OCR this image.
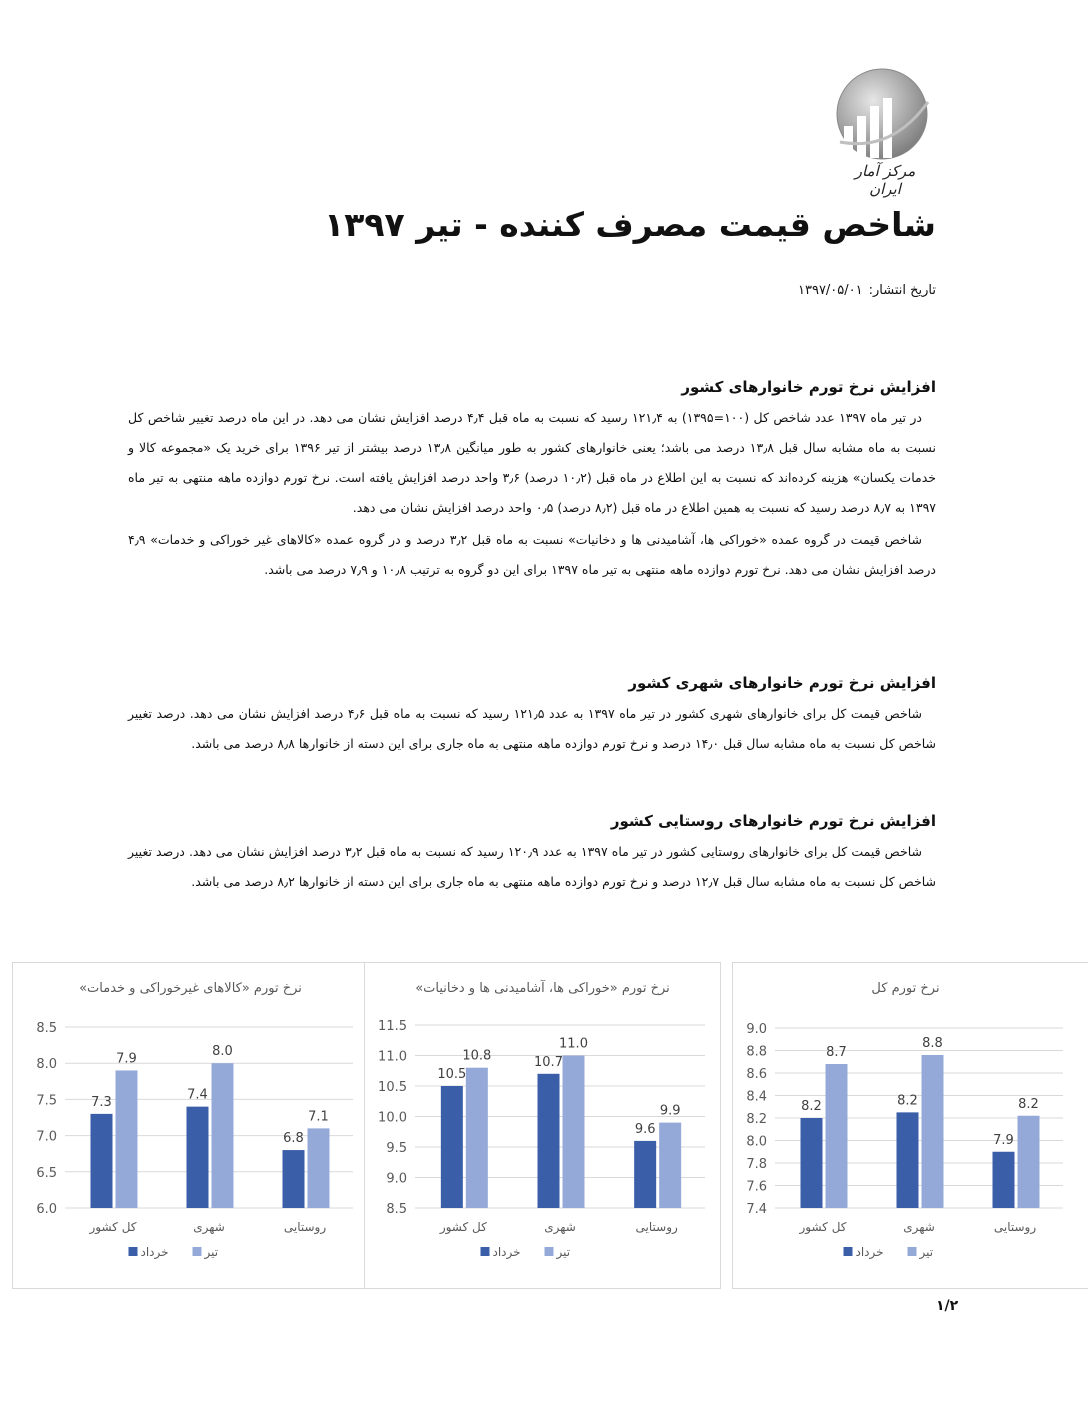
مرکز آمار ایران
شاخص قیمت مصرف کننده - تیر ۱۳۹۷
تاریخ انتشار:۱۳۹۷/۰۵/۰۱
افزایش نرخ تورم خانوارهای کشور

در تیر ماه ۱۳۹۷ عدد شاخص کل (۱۰۰=۱۳۹۵) به ۱۲۱٫۴ رسید که نسبت به ماه قبل ۴٫۴ درصد افزایش نشان می دهد. در این ماه درصد تغییر شاخص کل نسبت به ماه مشابه سال قبل ۱۳٫۸ درصد می باشد؛ یعنی خانوارهای کشور به طور میانگین ۱۳٫۸ درصد بیشتر از تیر ۱۳۹۶ برای خرید یک «مجموعه کالا و خدمات یکسان» هزینه کرده‌اند که نسبت به این اطلاع در ماه قبل (۱۰٫۲ درصد) ۳٫۶ واحد درصد افزایش یافته است. نرخ تورم دوازده ماهه منتهی به تیر ماه ۱۳۹۷ به ۸٫۷ درصد رسید که نسبت به همین اطلاع در ماه قبل (۸٫۲ درصد) ۰٫۵ واحد درصد افزایش نشان می دهد.

شاخص قیمت در گروه عمده «خوراکی ها، آشامیدنی ها و دخانیات» نسبت به ماه قبل ۳٫۲ درصد و در گروه عمده «کالاهای غیر خوراکی و خدمات» ۴٫۹ درصد افزایش نشان می دهد. نرخ تورم دوازده ماهه منتهی به تیر ماه ۱۳۹۷ برای این دو گروه به ترتیب ۱۰٫۸ و ۷٫۹ درصد می باشد.

افزایش نرخ تورم خانوارهای شهری کشور

شاخص قیمت کل برای خانوارهای شهری کشور در تیر ماه ۱۳۹۷ به عدد ۱۲۱٫۵ رسید که نسبت به ماه قبل ۴٫۶ درصد افزایش نشان می دهد. درصد تغییر شاخص کل نسبت به ماه مشابه سال قبل ۱۴٫۰ درصد و نرخ تورم دوازده ماهه منتهی به ماه جاری برای این دسته از خانوارها ۸٫۸ درصد می باشد.

افزایش نرخ تورم خانوارهای روستایی کشور

شاخص قیمت کل برای خانوارهای روستایی کشور در تیر ماه ۱۳۹۷ به عدد ۱۲۰٫۹ رسید که نسبت به ماه قبل ۳٫۲ درصد افزایش نشان می دهد. درصد تغییر شاخص کل نسبت به ماه مشابه سال قبل ۱۲٫۷ درصد و نرخ تورم دوازده ماهه منتهی به ماه جاری برای این دسته از خانوارها ۸٫۲ درصد می باشد.

نرخ تورم «کالاهای غیرخوراکی و خدمات»
6.0
6.5
7.0
7.5
8.0
8.5
7.3
7.9
کل کشور
7.4
8.0
شهری
6.8
7.1
روستایی
خرداد	تیر
نرخ تورم «خوراکی ها، آشامیدنی ها و دخانیات»
8.5
9.0
9.5
10.0
10.5
11.0
11.5
10.5
10.8
کل کشور
10.7
11.0
شهری
9.6
9.9
روستایی
خرداد	تیر
نرخ تورم کل
7.4
7.6
7.8
8.0
8.2
8.4
8.6
8.8
9.0
8.2
8.7
کل کشور
8.2
8.8
شهری
7.9
8.2
روستایی
خرداد	تیر
۱/۲
